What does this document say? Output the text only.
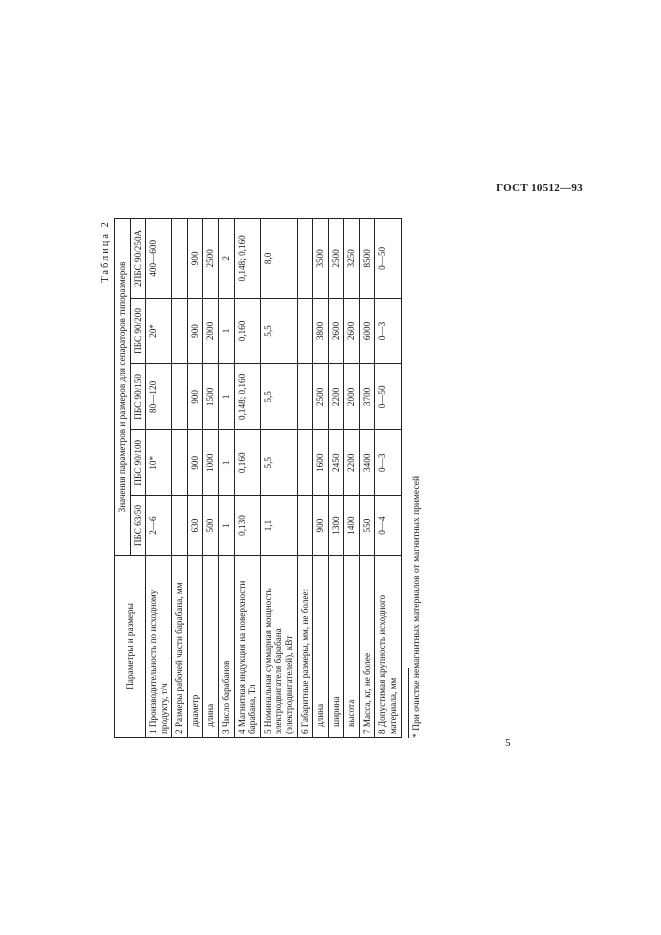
ГОСТ 10512—93
Таблица 2
Параметры и размеры	Значения параметров и размеров для сепараторов типоразмеров				
	ПБС 63/50	ПБС 90/100	ПБС 90/150	ПБС 90/200	2ПБС 90/250А
1 Производительность по исходному продукту, т/ч	2—6	10*	80—120	20*	400—600
2 Размеры рабочей части барабана, мм					
диаметр	630	900	900	900	900
длина	500	1000	1500	2000	2500
3 Число барабанов	1	1	1	1	2
4 Магнитная индукция на поверхности барабана, Тл	0,130	0,160	0,148; 0,160	0,160	0,148; 0,160
5 Номинальная суммарная мощность электродвигателя барабана (электродвигателей), кВт	1,1	5,5	5,5	5,5	8,0
6 Габаритные размеры, мм, не более:					
длина	900	1600	2500	3800	3500
ширина	1300	2450	2200	2600	2500
высота	1400	2200	2000	2600	3250
7 Масса, кг, не более	550	3400	3700	6000	8500
8 Допустимая крупность исходного материала, мм	0—4	0—3	0—50	0—3	0—50
* При очистке немагнитных материалов от магнитных примесей
5
